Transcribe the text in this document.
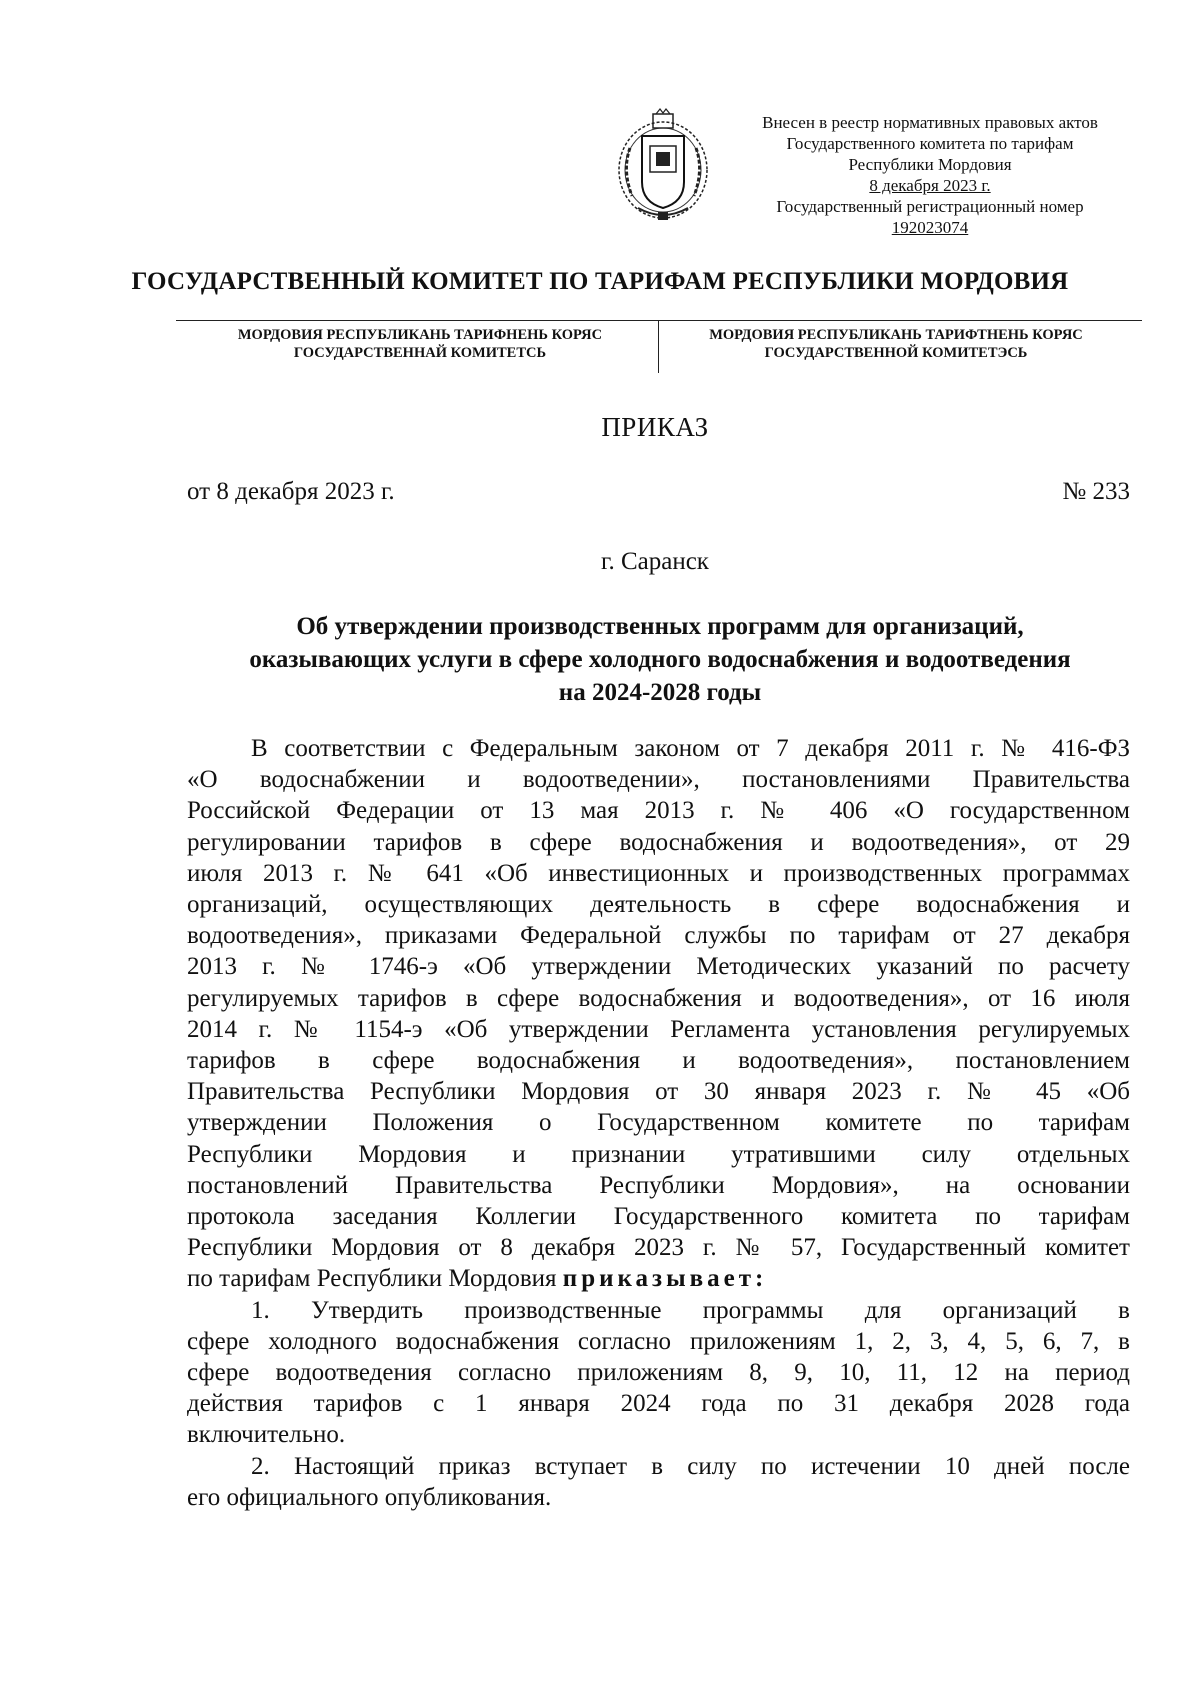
Внесен в реестр нормативных правовых актов
Государственного комитета по тарифам
Республики Мордовия
8 декабря 2023 г.
Государственный регистрационный номер
192023074
ГОСУДАРСТВЕННЫЙ КОМИТЕТ ПО ТАРИФАМ РЕСПУБЛИКИ МОРДОВИЯ
МОРДОВИЯ РЕСПУБЛИКАНЬ ТАРИФНЕНЬ КОРЯС
ГОСУДАРСТВЕННАЙ КОМИТЕТСЬ
МОРДОВИЯ РЕСПУБЛИКАНЬ ТАРИФТНЕНЬ КОРЯС
ГОСУДАРСТВЕННОЙ КОМИТЕТЭСЬ
ПРИКАЗ
от 8 декабря 2023 г.	№ 233
г. Саранск
Об утверждении производственных программ для организаций,
оказывающих услуги в сфере холодного водоснабжения и водоотведения
на 2024-2028 годы
В соответствии с Федеральным законом от 7 декабря 2011 г. № 416-ФЗ
«О водоснабжении и водоотведении», постановлениями Правительства
Российской Федерации от 13 мая 2013 г. № 406 «О государственном
регулировании тарифов в сфере водоснабжения и водоотведения», от 29
июля 2013 г. № 641 «Об инвестиционных и производственных программах
организаций, осуществляющих деятельность в сфере водоснабжения и
водоотведения», приказами Федеральной службы по тарифам от 27 декабря
2013 г. № 1746-э «Об утверждении Методических указаний по расчету
регулируемых тарифов в сфере водоснабжения и водоотведения», от 16 июля
2014 г. № 1154-э «Об утверждении Регламента установления регулируемых
тарифов в сфере водоснабжения и водоотведения», постановлением
Правительства Республики Мордовия от 30 января 2023 г. № 45 «Об
утверждении Положения о Государственном комитете по тарифам
Республики Мордовия и признании утратившими силу отдельных
постановлений Правительства Республики Мордовия», на основании
протокола заседания Коллегии Государственного комитета по тарифам
Республики Мордовия от 8 декабря 2023 г. № 57, Государственный комитет
по тарифам Республики Мордовия приказывает:
1. Утвердить производственные программы для организаций в
сфере холодного водоснабжения согласно приложениям 1, 2, 3, 4, 5, 6, 7, в
сфере водоотведения согласно приложениям 8, 9, 10, 11, 12 на период
действия тарифов с 1 января 2024 года по 31 декабря 2028 года
включительно.
2. Настоящий приказ вступает в силу по истечении 10 дней после
его официального опубликования.
